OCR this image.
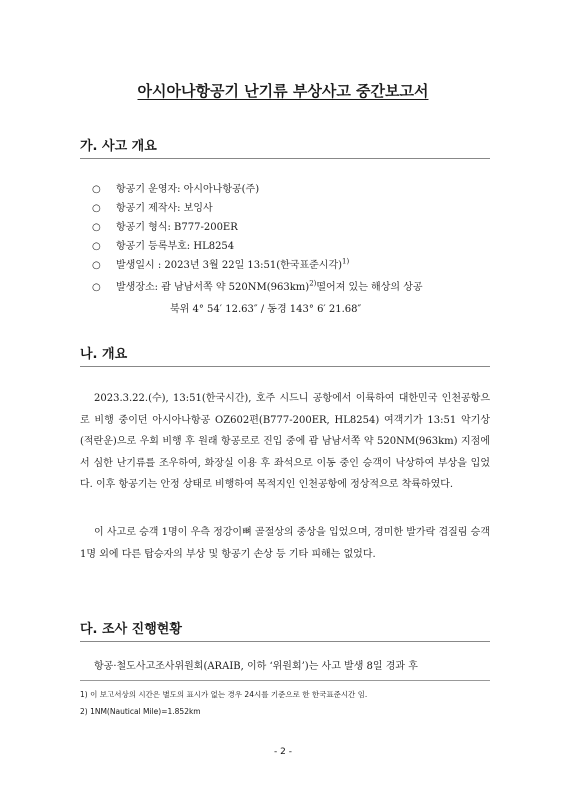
아시아나항공기 난기류 부상사고 중간보고서
가. 사고 개요
○ 항공기 운영자: 아시아나항공(주)
○ 항공기 제작사: 보잉사
○ 항공기 형식: B777-200ER
○ 항공기 등록부호: HL8254
○ 발생일시 : 2023년 3월 22일 13:51(한국표준시각)$^{1)}$
○ 발생장소: 괌 남남서쪽 약 $520NM(963km)^{2)}$떨어져 있는 해상의 상공
북위 4° 54′ 12.63″ / 동경 143° 6′ 21.68″
나. 개요
2023.3.22.(수), 13:51(한국시간), 호주 시드니 공항에서 이륙하여 대한민국 인천공항으로 비행 중이던 아시아나항공 OZ602편(B777-200ER, HL8254) 여객기가 13:51 악기상(적란운)으로 우회 비행 후 원래 항공로로 진입 중에 괌 남남서쪽 약 520NM(963km) 지점에서 심한 난기류를 조우하여, 화장실 이용 후 좌석으로 이동 중인 승객이 낙상하여 부상을 입었다. 이후 항공기는 안정 상태로 비행하여 목적지인 인천공항에 정상적으로 착륙하였다.
이 사고로 승객 1명이 우측 정강이뼈 골절상의 중상을 입었으며, 경미한 발가락 겹질림 승객 1명 외에 다른 탑승자의 부상 및 항공기 손상 등 기타 피해는 없었다.
다. 조사 진행현황
항공·철도사고조사위원회(ARAIB, 이하 ‘위원회’)는 사고 발생 8일 경과 후
1) 이 보고서상의 시간은 별도의 표시가 없는 경우 24시를 기준으로 한 한국표준시간 임.
2) 1NM(Nautical Mile)=1.852km
- 2 -
